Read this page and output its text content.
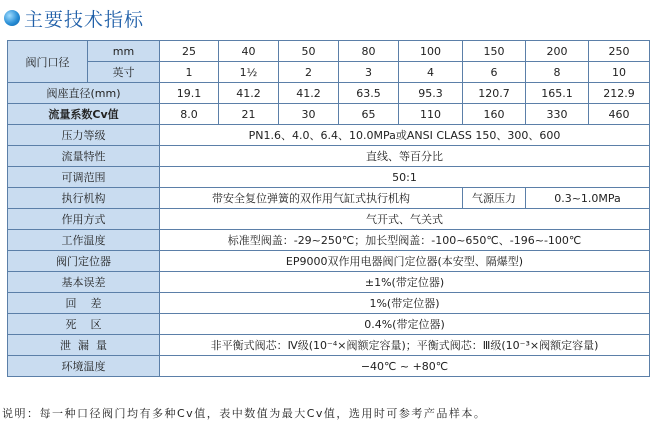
主要技术指标
阀门口径	mm	25	40	50	80	100	150	200	250
	英寸	1	1½	2	3	4	6	8	10
阀座直径(mm)		19.1	41.2	41.2	63.5	95.3	120.7	165.1	212.9
流量系数Cv值		8.0	21	30	65	110	160	330	460
压力等级		PN1.6、4.0、6.4、10.0MPa或ANSI CLASS 150、300、600							
流量特性		直线、等百分比							
可调范围		50:1							
执行机构		带安全复位弹簧的双作用气缸式执行机构					气源压力	0.3~1.0MPa	
作用方式		气开式、气关式							
工作温度		标准型阀盖：-29~250℃；加长型阀盖：-100~650℃、-196~-100℃							
阀门定位器		EP9000双作用电器阀门定位器(本安型、隔爆型)							
基本误差		±1%(带定位器)							
回差		1%(带定位器)							
死区		0.4%(带定位器)							
泄漏量		非平衡式阀芯：Ⅳ级(10⁻⁴×阀额定容量)；平衡式阀芯：Ⅲ级(10⁻³×阀额定容量)							
环境温度		−40℃ ~ +80℃							
说明：每一种口径阀门均有多种Cv值，表中数值为最大Cv值，选用时可参考产品样本。
